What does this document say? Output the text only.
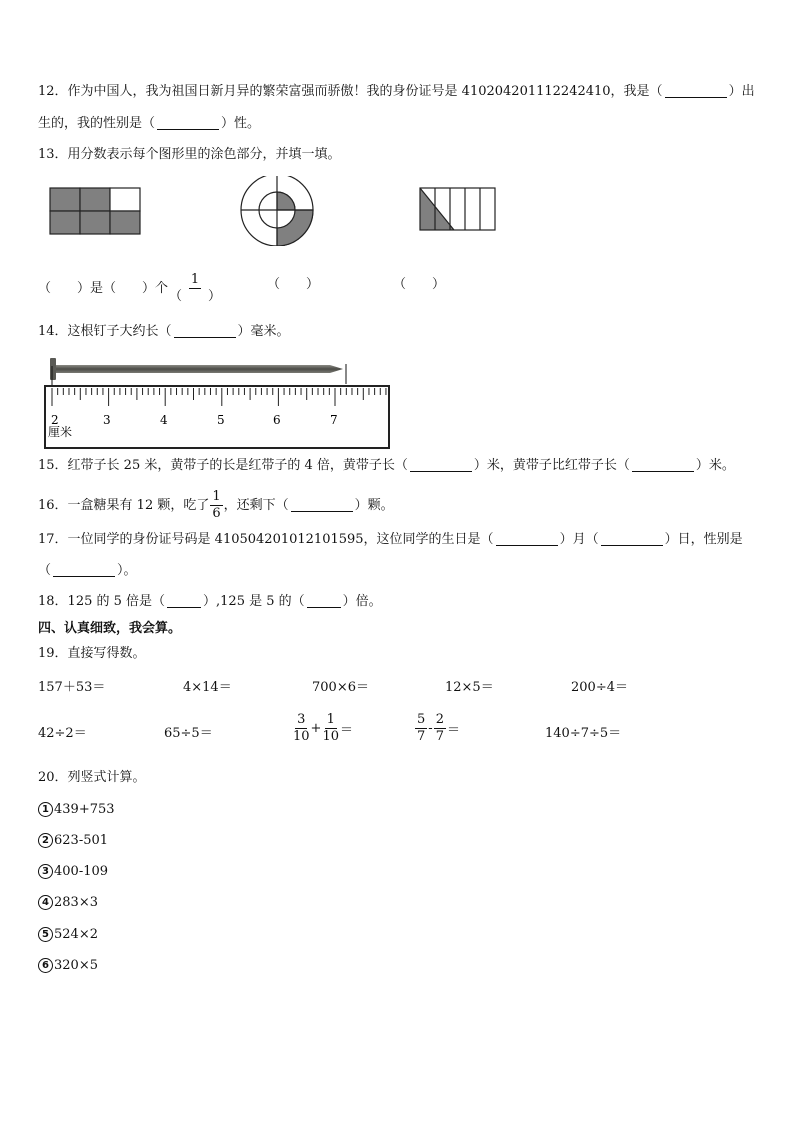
12．作为中国人，我为祖国日新月异的繁荣富强而骄傲！我的身份证号是 410204201112242410，我是（	）出
生的，我的性别是（	）性。
13．用分数表示每个图形里的涂色部分，并填一填。
（　　）是（　　）个 $\frac{1}{( )}$	（　　）	（　　）
14．这根钉子大约长（	）毫米。
2	3	4	5	6	7
厘米
15．红带子长 25 米，黄带子的长是红带子的 4 倍，黄带子长（	）米，黄带子比红带子长（	）米。
16．一盒糖果有 12 颗，吃了 $\frac{1}{6}$ ，还剩下（	）颗。
17．一位同学的身份证号码是 410504201012101595，这位同学的生日是（	）月（	）日，性别是
（	）。
18．125 的 5 倍是（	）,125 是 5 的（	）倍。
四、认真细致，我会算。
19．直接写得数。
157＋53＝	4×14＝	700×6＝	12×5＝	200÷4＝
42÷2＝	65÷5＝	$\frac{3}{10} + \frac{1}{10}$ ＝	$\frac{5}{7} - \frac{2}{7}$ ＝	140÷7÷5＝
20．列竖式计算。
1 439+753
2 623-501
3 400-109
4 283×3
5 524×2
6 320×5
